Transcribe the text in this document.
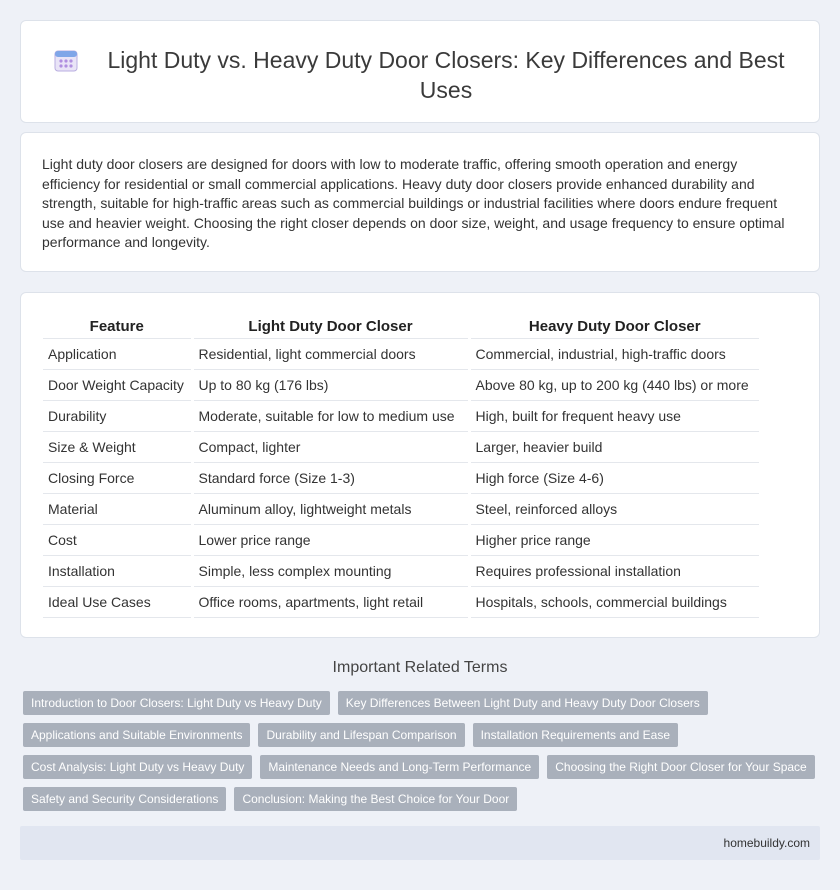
Light Duty vs. Heavy Duty Door Closers: Key Differences and Best Uses

Light duty door closers are designed for doors with low to moderate traffic, offering smooth operation and energy efficiency for residential or small commercial applications. Heavy duty door closers provide enhanced durability and strength, suitable for high-traffic areas such as commercial buildings or industrial facilities where doors endure frequent use and heavier weight. Choosing the right closer depends on door size, weight, and usage frequency to ensure optimal performance and longevity.

Feature	Light Duty Door Closer	Heavy Duty Door Closer
Application	Residential, light commercial doors	Commercial, industrial, high-traffic doors
Door Weight Capacity	Up to 80 kg (176 lbs)	Above 80 kg, up to 200 kg (440 lbs) or more
Durability	Moderate, suitable for low to medium use	High, built for frequent heavy use
Size & Weight	Compact, lighter	Larger, heavier build
Closing Force	Standard force (Size 1-3)	High force (Size 4-6)
Material	Aluminum alloy, lightweight metals	Steel, reinforced alloys
Cost	Lower price range	Higher price range
Installation	Simple, less complex mounting	Requires professional installation
Ideal Use Cases	Office rooms, apartments, light retail	Hospitals, schools, commercial buildings
Important Related Terms
Introduction to Door Closers: Light Duty vs Heavy Duty	Key Differences Between Light Duty and Heavy Duty Door Closers
Applications and Suitable Environments	Durability and Lifespan Comparison	Installation Requirements and Ease
Cost Analysis: Light Duty vs Heavy Duty	Maintenance Needs and Long-Term Performance	Choosing the Right Door Closer for Your Space
Safety and Security Considerations	Conclusion: Making the Best Choice for Your Door
homebuildy.com
